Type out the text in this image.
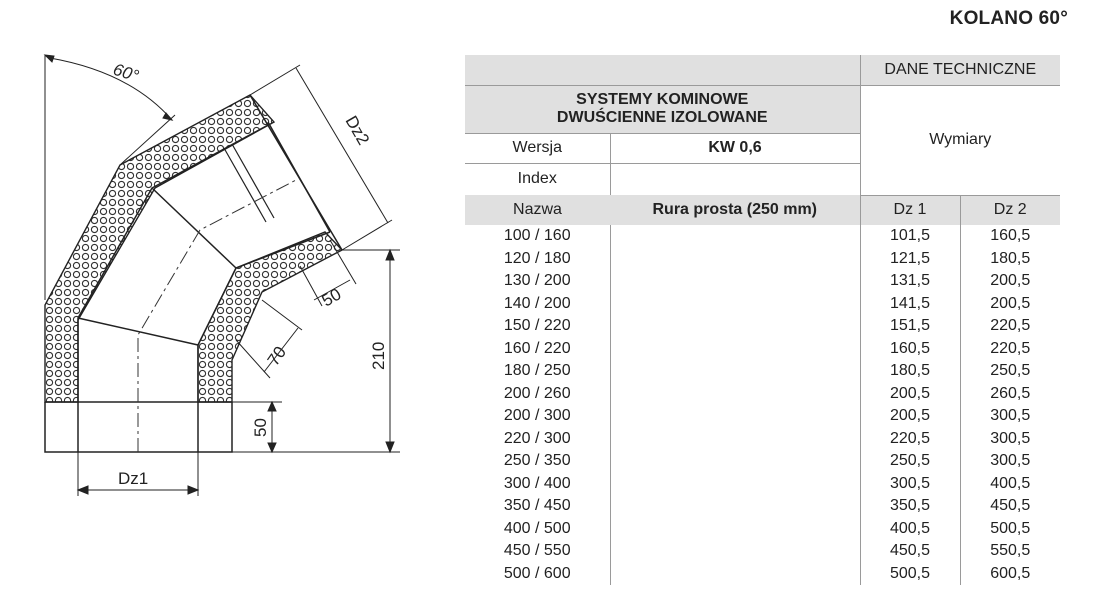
KOLANO 60°
60°
Dz2
50
70	210
50
Dz1
		DANE TECHNICZNE	

SYSTEMY KOMINOWE
DWUŚCIENNE IZOLOWANE		Wymiary	
Wersja	KW 0,6		
Index			
Nazwa	Rura prosta (250 mm)	Dz 1	Dz 2
100 / 160		101,5	160,5
120 / 180		121,5	180,5
130 / 200		131,5	200,5
140 / 200		141,5	200,5
150 / 220		151,5	220,5
160 / 220		160,5	220,5
180 / 250		180,5	250,5
200 / 260		200,5	260,5
200 / 300		200,5	300,5
220 / 300		220,5	300,5
250 / 350		250,5	300,5
300 / 400		300,5	400,5
350 / 450		350,5	450,5
400 / 500		400,5	500,5
450 / 550		450,5	550,5
500 / 600		500,5	600,5
